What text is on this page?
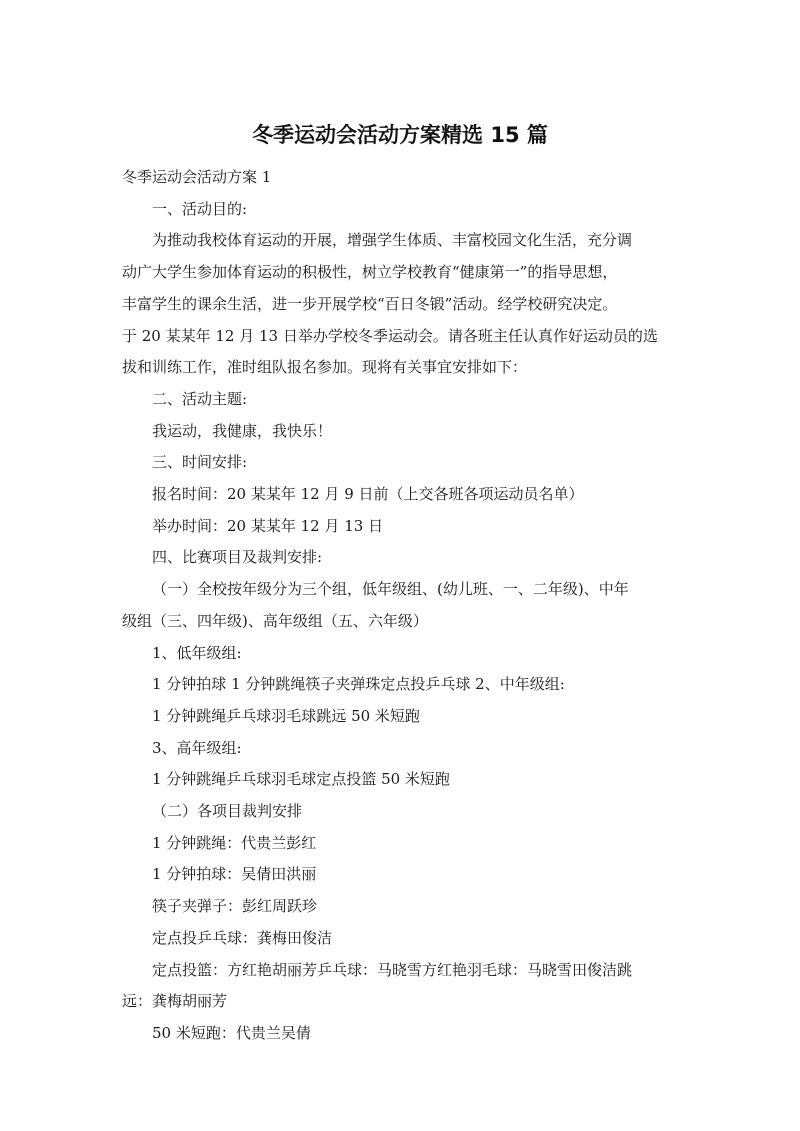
冬季运动会活动方案精选 15 篇

冬季运动会活动方案 1

一、活动目的:

为推动我校体育运动的开展，增强学生体质、丰富校园文化生活，充分调

动广大学生参加体育运动的积极性，树立学校教育“健康第一”的指导思想，

丰富学生的课余生活，进一步开展学校“百日冬锻”活动。经学校研究决定。

于 20 某某年 12 月 13 日举办学校冬季运动会。请各班主任认真作好运动员的选

拔和训练工作，准时组队报名参加。现将有关事宜安排如下：

二、活动主题:

我运动，我健康，我快乐！

三、时间安排:

报名时间：20 某某年 12 月 9 日前（上交各班各项运动员名单）

举办时间：20 某某年 12 月 13 日

四、比赛项目及裁判安排:

（一）全校按年级分为三个组，低年级组、(幼儿班、一、二年级)、中年

级组（三、四年级)、高年级组（五、六年级）

1、低年级组:

1 分钟拍球 1 分钟跳绳筷子夹弹珠定点投乒乓球 2、中年级组:

1 分钟跳绳乒乓球羽毛球跳远 50 米短跑

3、高年级组:

1 分钟跳绳乒乓球羽毛球定点投篮 50 米短跑

（二）各项目裁判安排

1 分钟跳绳：代贵兰彭红

1 分钟拍球：吴倩田洪丽

筷子夹弹子：彭红周跃珍

定点投乒乓球：龚梅田俊洁

定点投篮：方红艳胡丽芳乒乓球：马晓雪方红艳羽毛球：马晓雪田俊洁跳

远：龚梅胡丽芳

50 米短跑：代贵兰吴倩
